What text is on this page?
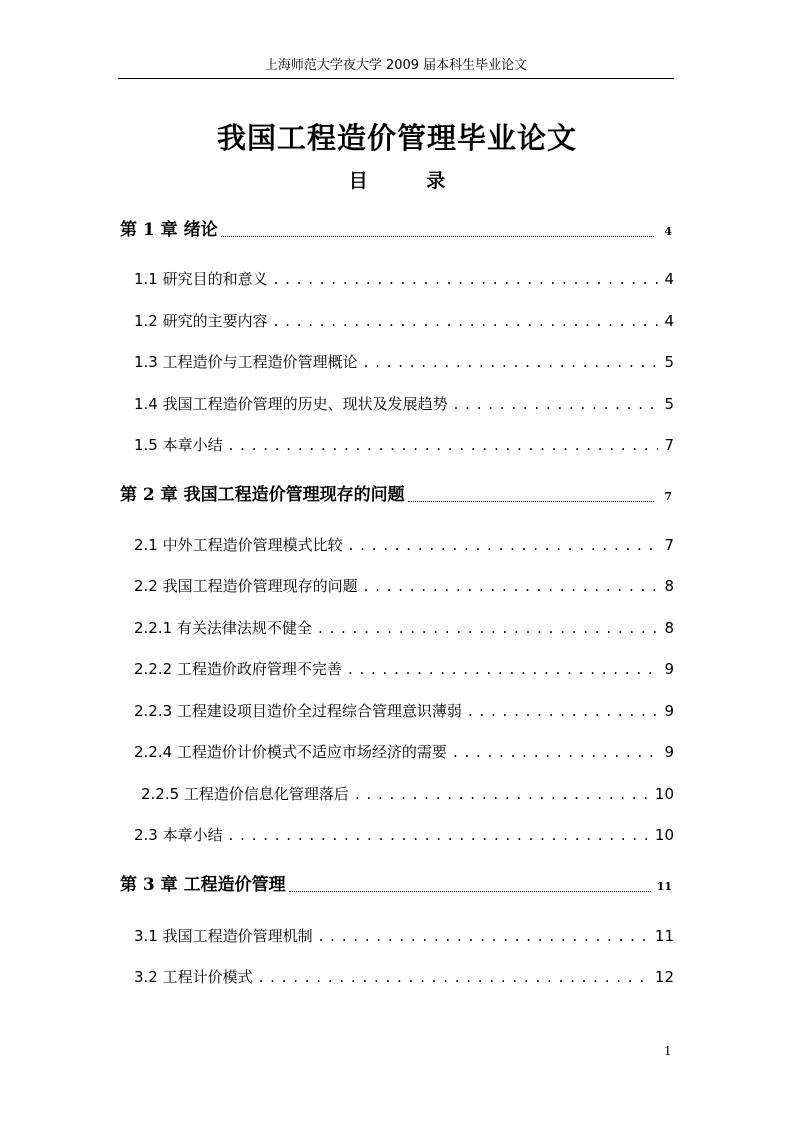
上海师范大学夜大学 2009 届本科生毕业论文
我国工程造价管理毕业论文
目 录
第 1 章 绪论	4
1.1 研究目的和意义 . . .	4
1.2 研究的主要内容 . . .	4
1.3 工程造价与工程造价管理概论 . . .	5
1.4 我国工程造价管理的历史、现状及发展趋势 . . .	5
1.5 本章小结 . . .	7
第 2 章 我国工程造价管理现存的问题	7
2.1 中外工程造价管理模式比较 . . .	7
2.2 我国工程造价管理现存的问题 . . .	8
2.2.1 有关法律法规不健全 . . .	8
2.2.2 工程造价政府管理不完善 . . .	9
2.2.3 工程建设项目造价全过程综合管理意识薄弱 . . .	9
2.2.4 工程造价计价模式不适应市场经济的需要 . . .	9
2.2.5 工程造价信息化管理落后 . . .	10
2.3 本章小结 . . .	10
第 3 章 工程造价管理	11
3.1 我国工程造价管理机制 . . .	11
3.2 工程计价模式 . . .	12
1
